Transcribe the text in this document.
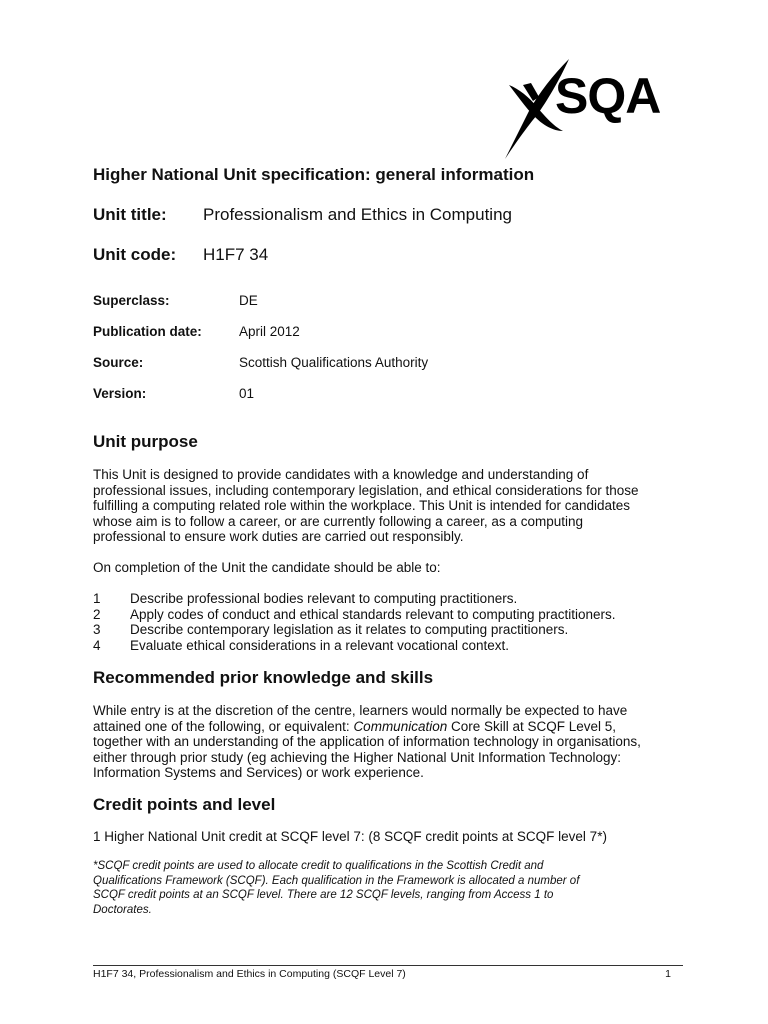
SQA
Higher National Unit specification: general information
Unit title: Professionalism and Ethics in Computing
Unit code: H1F7 34
Superclass:	DE
Publication date:	April 2012
Source:	Scottish Qualifications Authority
Version:	01
Unit purpose

This Unit is designed to provide candidates with a knowledge and understanding of
professional issues, including contemporary legislation, and ethical considerations for those
fulfilling a computing related role within the workplace. This Unit is intended for candidates
whose aim is to follow a career, or are currently following a career, as a computing
professional to ensure work duties are carried out responsibly.

On completion of the Unit the candidate should be able to:

1 Describe professional bodies relevant to computing practitioners.
2 Apply codes of conduct and ethical standards relevant to computing practitioners.
3 Describe contemporary legislation as it relates to computing practitioners.
4 Evaluate ethical considerations in a relevant vocational context.
Recommended prior knowledge and skills

While entry is at the discretion of the centre, learners would normally be expected to have
attained one of the following, or equivalent: Communication Core Skill at SCQF Level 5,
together with an understanding of the application of information technology in organisations,
either through prior study (eg achieving the Higher National Unit Information Technology:
Information Systems and Services) or work experience.

Credit points and level

1 Higher National Unit credit at SCQF level 7: (8 SCQF credit points at SCQF level 7*)

*SCQF credit points are used to allocate credit to qualifications in the Scottish Credit and
Qualifications Framework (SCQF). Each qualification in the Framework is allocated a number of
SCQF credit points at an SCQF level. There are 12 SCQF levels, ranging from Access 1 to
Doctorates.

H1F7 34, Professionalism and Ethics in Computing (SCQF Level 7)	1
